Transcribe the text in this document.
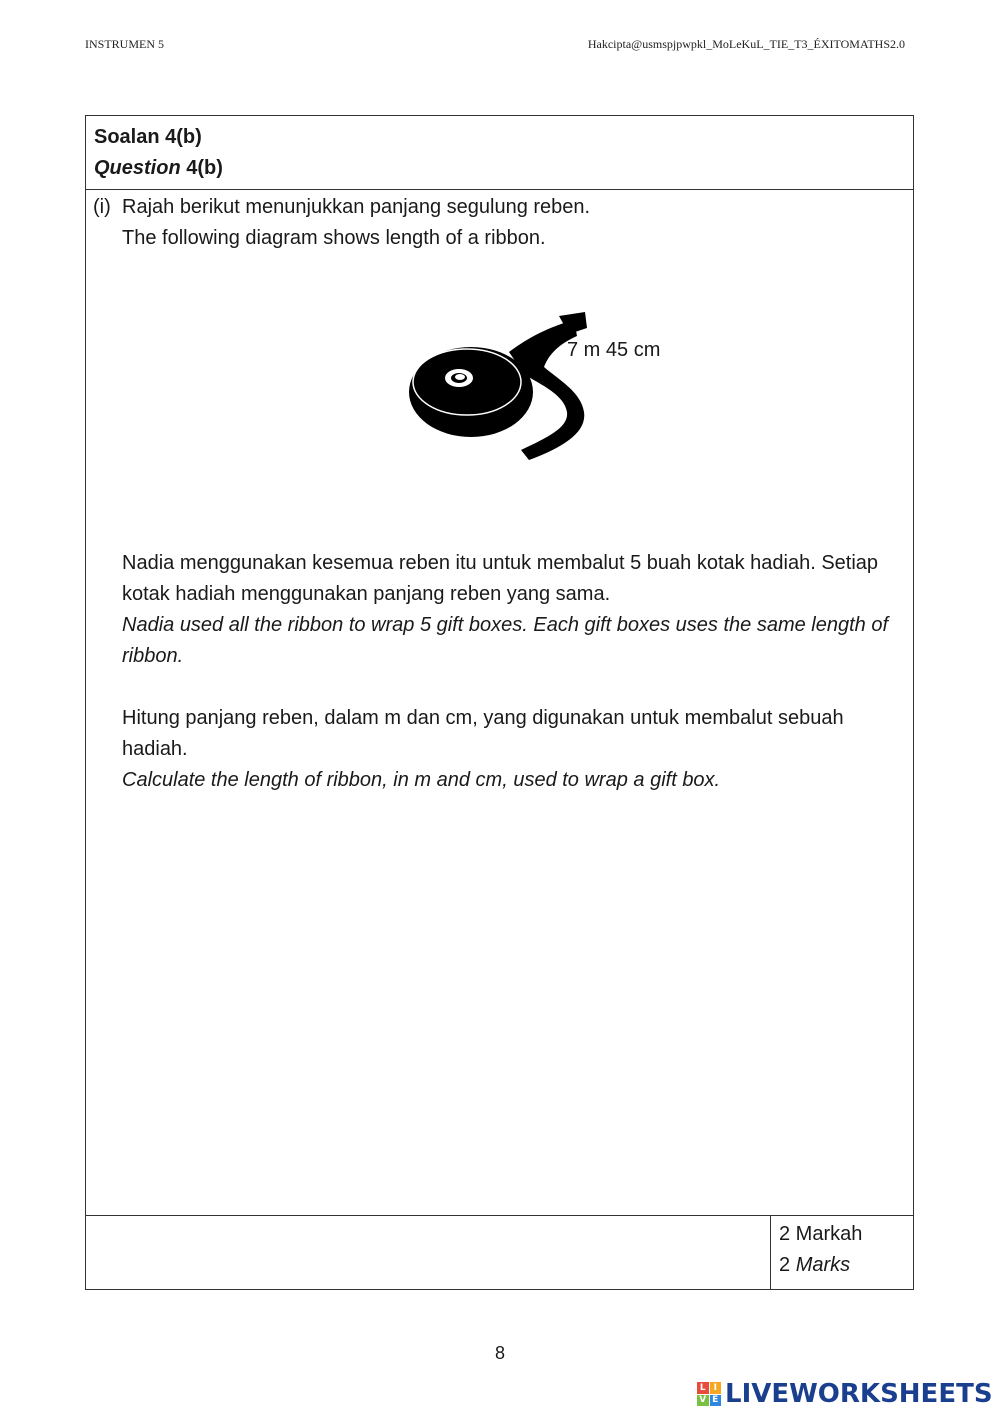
INSTRUMEN 5	Hakcipta@usmspjpwpkl_MoLeKuL_TIE_T3_ÉXITOMATHS2.0
Soalan 4(b)
Question 4(b)
(i) Rajah berikut menunjukkan panjang segulung reben.
The following diagram shows length of a ribbon.
7 m 45 cm
Nadia menggunakan kesemua reben itu untuk membalut 5 buah kotak hadiah. Setiap kotak hadiah menggunakan panjang reben yang sama.
Nadia used all the ribbon to wrap 5 gift boxes. Each gift boxes uses the same length of ribbon.
Hitung panjang reben, dalam m dan cm, yang digunakan untuk membalut sebuah hadiah.
Calculate the length of ribbon, in m and cm, used to wrap a gift box.
2 Markah
2 Marks
8
L I
V E LIVEWORKSHEETS
